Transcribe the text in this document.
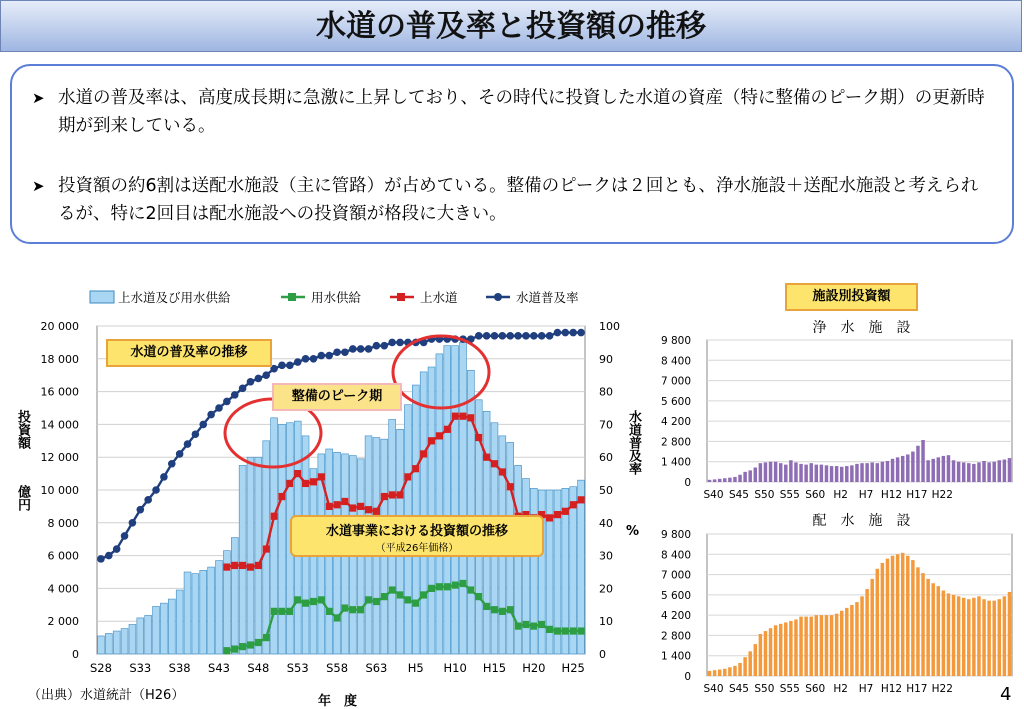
水道の普及率と投資額の推移
➤ 水道の普及率は、高度成長期に急激に上昇しており、その時代に投資した水道の資産（特に整備のピーク期）の更新時期が到来している。
➤ 投資額の約6割は送配水施設（主に管路）が占めている。整備のピークは２回とも、浄水施設＋送配水施設と考えられるが、特に2回目は配水施設への投資額が格段に大きい。
0
2 000
4 000
6 000
8 000
10 000
12 000
14 000
16 000
18 000
20 000
0
10
20
30
40
50
60
70
80
90
100
S28 S33 S38 S43 S48 S53 S58 S63 H5 H10 H15 H20 H25
上水道及び用水供給	用水供給	上水道	水道普及率
投資額
億円
水道普及率
%
年　度
（出典）水道統計（H26）	4
水道の普及率の推移
整備のピーク期
水道事業における投資額の推移
（平成26年価格）
施設別投資額
浄　水　施　設
0
1 400
2 800
4 200
5 600
7 000
8 400
9 800
S40 S45 S50 S55 S60 H2 H7 H12 H17 H22
配　水　施　設
0
1 400
2 800
4 200
5 600
7 000
8 400
9 800
S40 S45 S50 S55 S60 H2 H7 H12 H17 H22
